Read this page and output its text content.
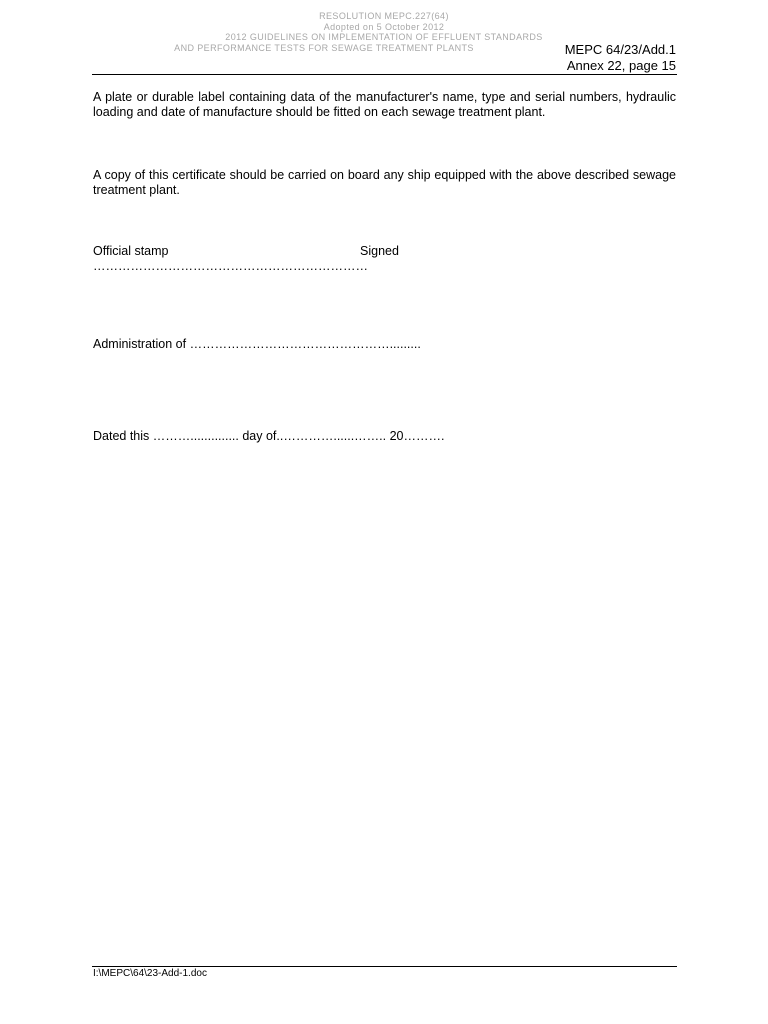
RESOLUTION MEPC.227(64)
Adopted on 5 October 2012
2012 GUIDELINES ON IMPLEMENTATION OF EFFLUENT STANDARDS
AND PERFORMANCE TESTS FOR SEWAGE TREATMENT PLANTS	MEPC 64/23/Add.1
Annex 22, page 15

A plate or durable label containing data of the manufacturer's name, type and serial numbers, hydraulic loading and date of manufacture should be fitted on each sewage treatment plant.

A copy of this certificate should be carried on board any ship equipped with the above described sewage treatment plant.

Official stamp	Signed
…………………………………………………………
Administration of ………………………………………….........
Dated this ……….............. day of..…………......…….. 20……….
I:\MEPC\64\23-Add-1.doc
